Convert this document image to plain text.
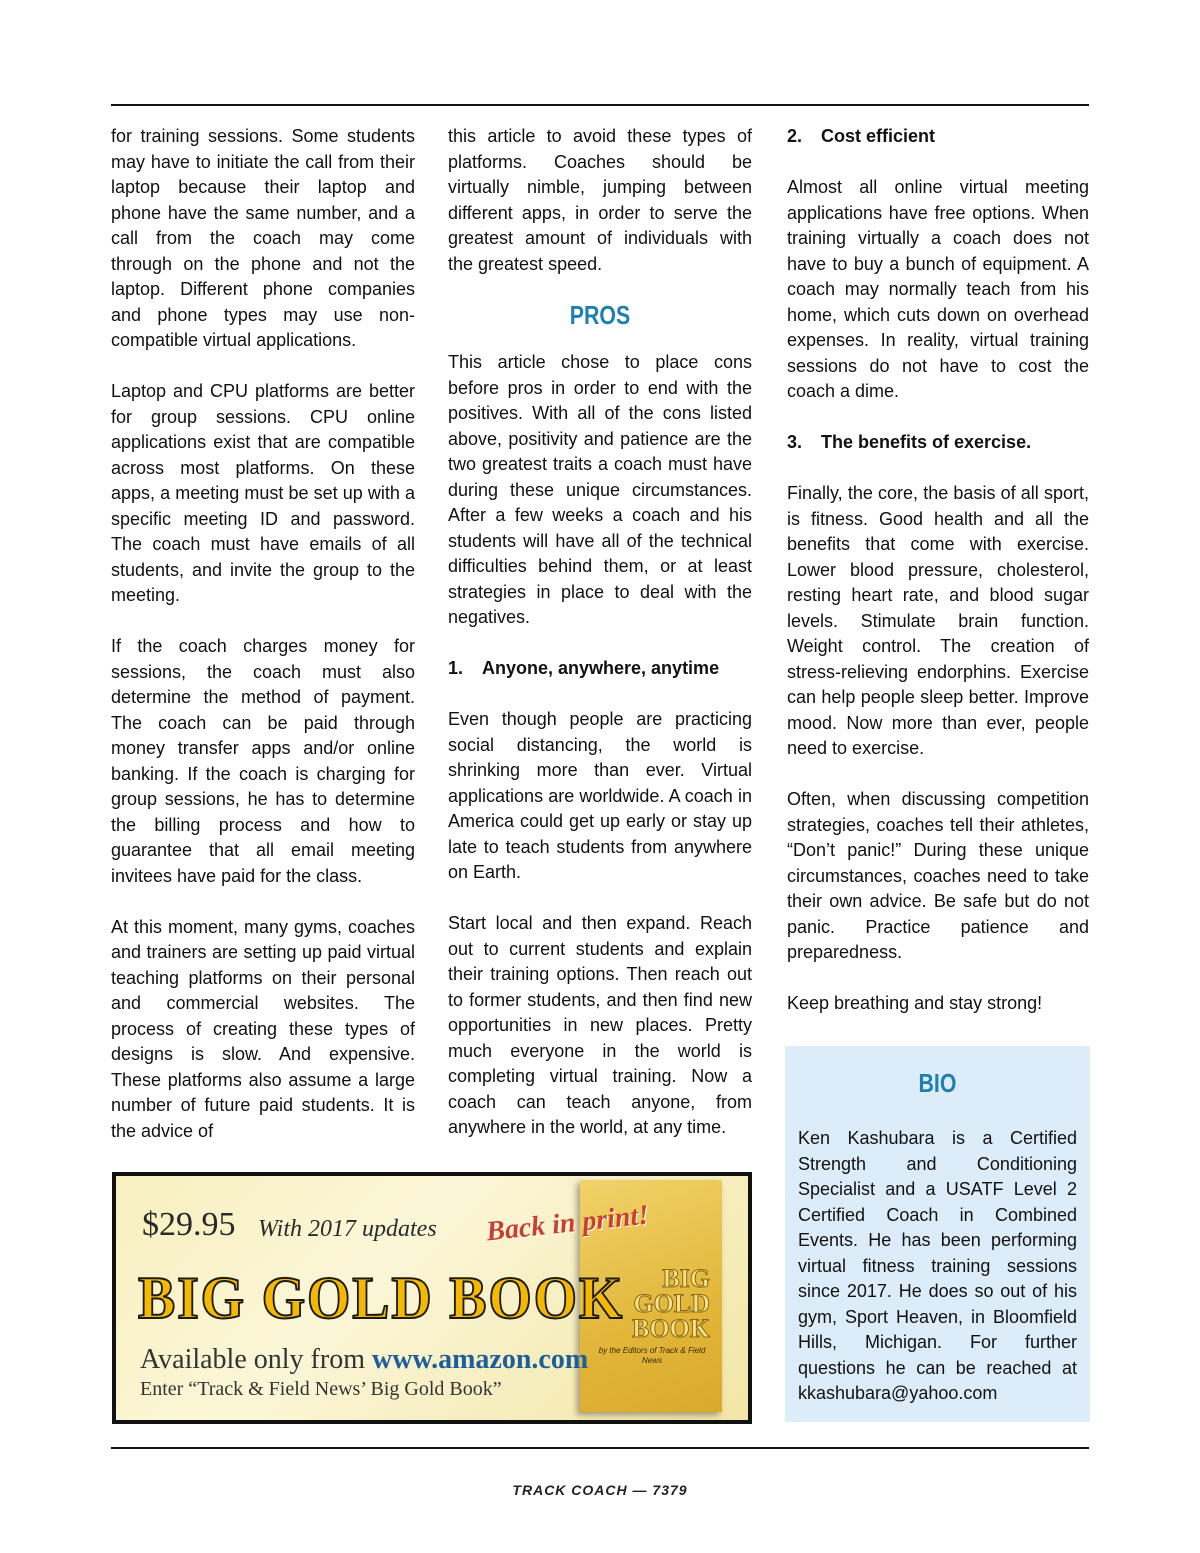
for training sessions. Some students may have to initiate the call from their laptop because their laptop and phone have the same number, and a call from the coach may come through on the phone and not the laptop. Different phone companies and phone types may use non-compatible virtual applications.

Laptop and CPU platforms are better for group sessions. CPU online applications exist that are compatible across most platforms. On these apps, a meeting must be set up with a specific meeting ID and password. The coach must have emails of all students, and invite the group to the meeting.

If the coach charges money for sessions, the coach must also determine the method of payment. The coach can be paid through money transfer apps and/or online banking. If the coach is charging for group sessions, he has to determine the billing process and how to guarantee that all email meeting invitees have paid for the class.

At this moment, many gyms, coaches and trainers are setting up paid virtual teaching platforms on their personal and commercial websites. The process of creating these types of designs is slow. And expensive. These platforms also assume a large number of future paid students. It is the advice of

this article to avoid these types of platforms. Coaches should be virtually nimble, jumping between different apps, in order to serve the greatest amount of individuals with the greatest speed.

PROS

This article chose to place cons before pros in order to end with the positives. With all of the cons listed above, positivity and patience are the two greatest traits a coach must have during these unique circumstances. After a few weeks a coach and his students will have all of the technical difficulties behind them, or at least strategies in place to deal with the negatives.

1. Anyone, anywhere, anytime

Even though people are practicing social distancing, the world is shrinking more than ever. Virtual applications are worldwide. A coach in America could get up early or stay up late to teach students from anywhere on Earth.

Start local and then expand. Reach out to current students and explain their training options. Then reach out to former students, and then find new opportunities in new places. Pretty much everyone in the world is completing virtual training. Now a coach can teach anyone, from anywhere in the world, at any time.

2. Cost efficient

Almost all online virtual meeting applications have free options. When training virtually a coach does not have to buy a bunch of equipment. A coach may normally teach from his home, which cuts down on overhead expenses. In reality, virtual training sessions do not have to cost the coach a dime.

3. The benefits of exercise.

Finally, the core, the basis of all sport, is fitness. Good health and all the benefits that come with exercise. Lower blood pressure, cholesterol, resting heart rate, and blood sugar levels. Stimulate brain function. Weight control. The creation of stress-relieving endorphins. Exercise can help people sleep better. Improve mood. Now more than ever, people need to exercise.

Often, when discussing competition strategies, coaches tell their athletes, “Don’t panic!” During these unique circumstances, coaches need to take their own advice. Be safe but do not panic. Practice patience and preparedness.

Keep breathing and stay strong!

BIO

Ken Kashubara is a Certified Strength and Conditioning Specialist and a USATF Level 2 Certified Coach in Combined Events. He has been performing virtual fitness training sessions since 2017. He does so out of his gym, Sport Heaven, in Bloomfield Hills, Michigan. For further questions he can be reached at kkashubara@yahoo.com

$29.95 With 2017 updates
BIG
GOLD
BOOK
by the Editors of Track & Field News
Back in print!
BIG GOLD BOOK
Available only from www.amazon.com
Enter “Track & Field News’ Big Gold Book”
TRACK COACH — 7379
